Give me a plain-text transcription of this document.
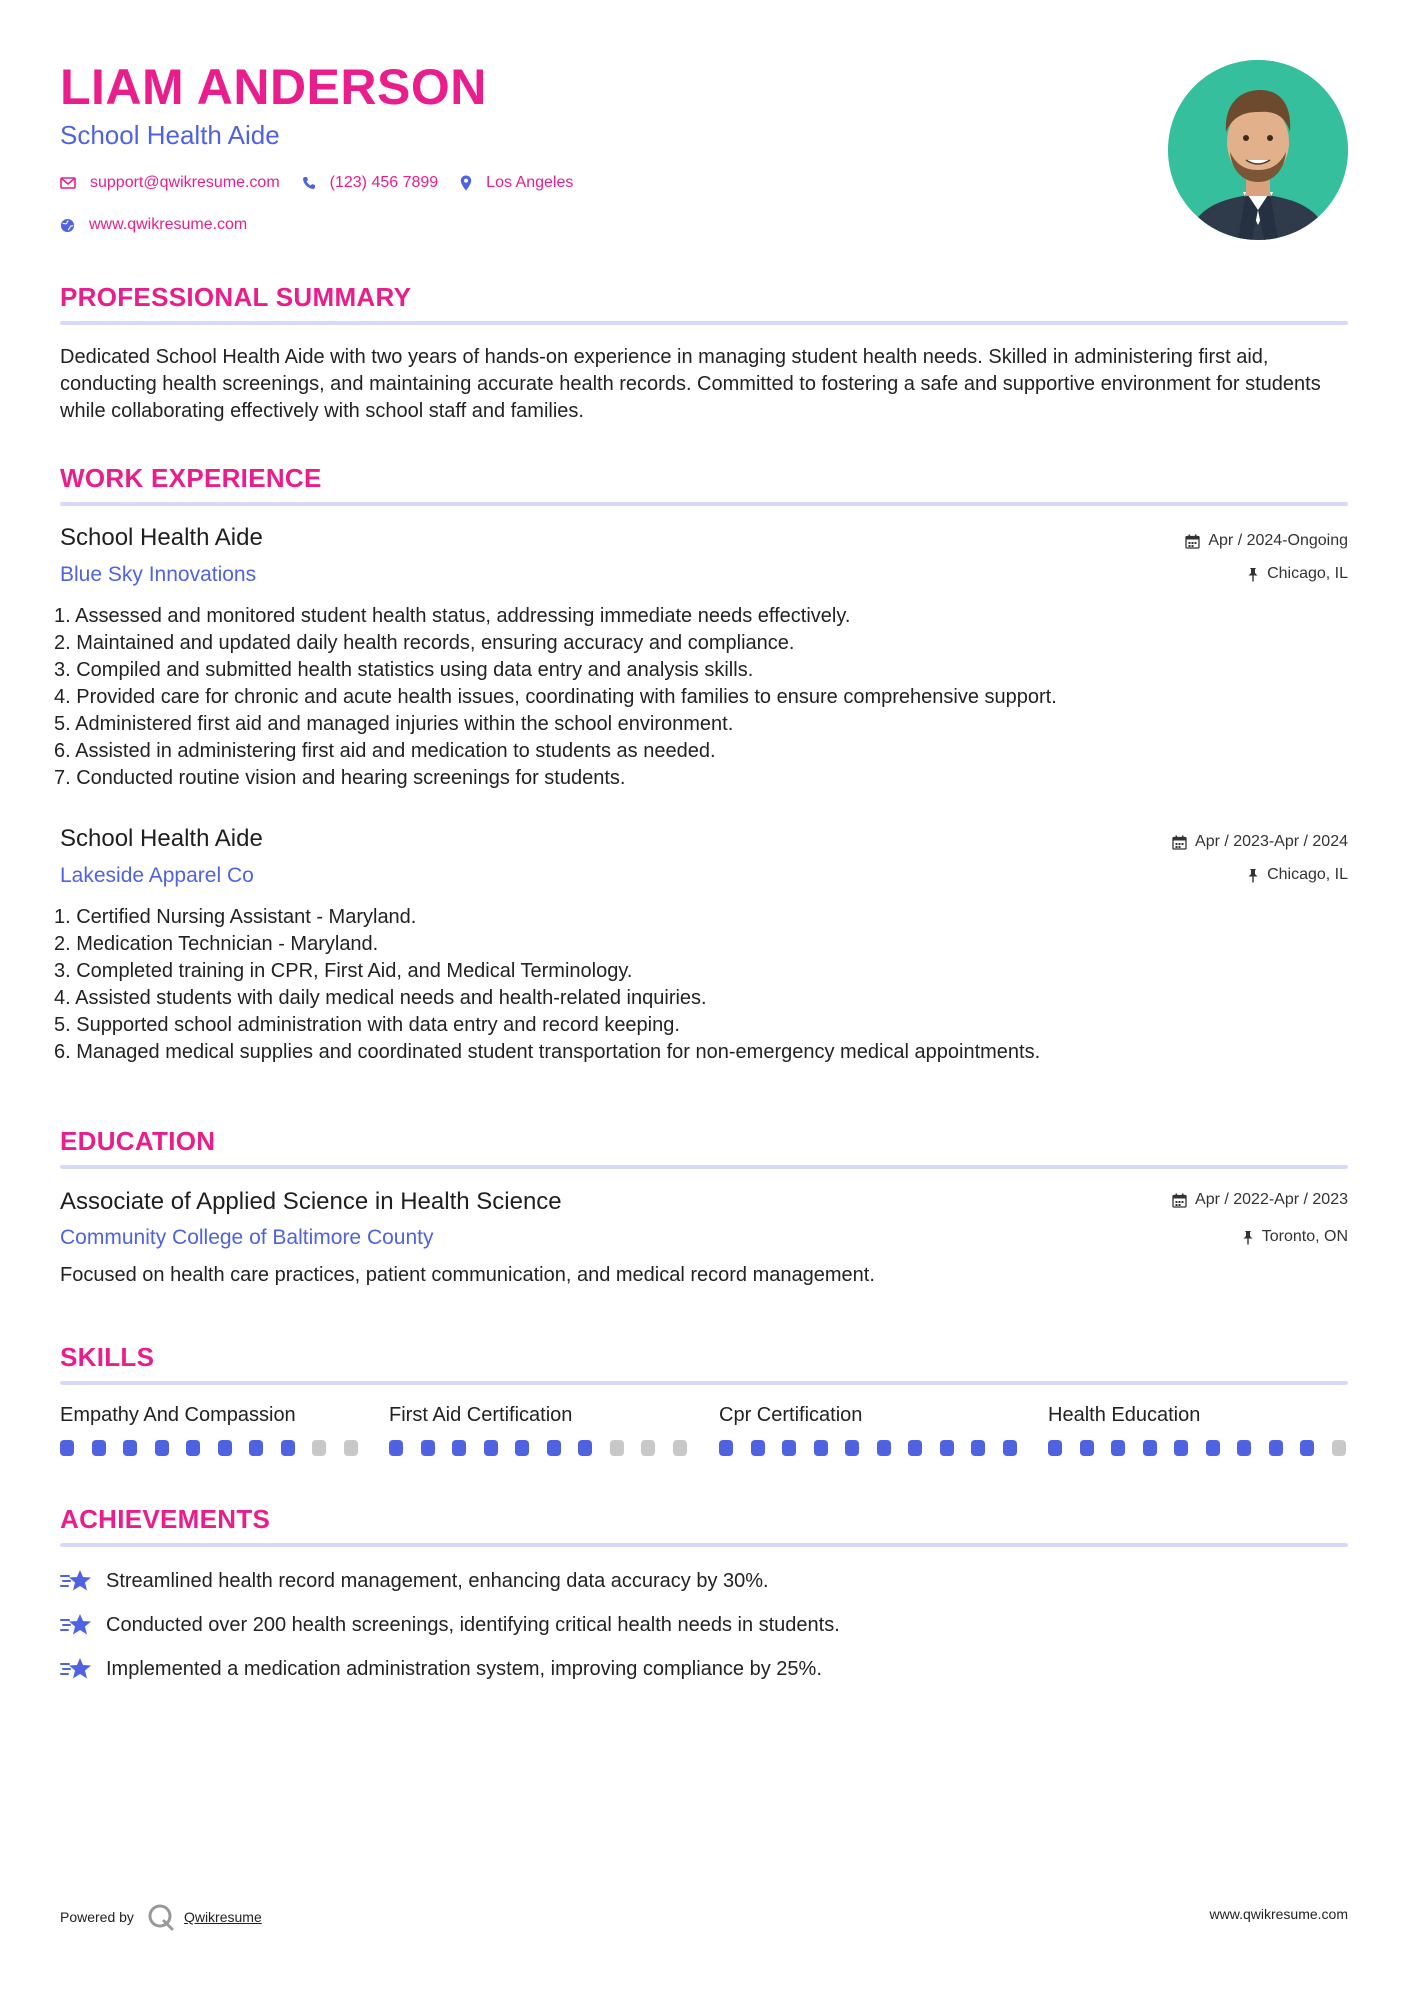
LIAM ANDERSON
School Health Aide
support@qwikresume.com	(123) 456 7899	Los Angeles
www.qwikresume.com
PROFESSIONAL SUMMARY
Dedicated School Health Aide with two years of hands-on experience in managing student health needs. Skilled in administering first aid, conducting health screenings, and maintaining accurate health records. Committed to fostering a safe and supportive environment for students while collaborating effectively with school staff and families.
WORK EXPERIENCE
School Health Aide
Blue Sky Innovations
Apr / 2024-Ongoing
Chicago, IL
1. Assessed and monitored student health status, addressing immediate needs effectively.
2. Maintained and updated daily health records, ensuring accuracy and compliance.
3. Compiled and submitted health statistics using data entry and analysis skills.
4. Provided care for chronic and acute health issues, coordinating with families to ensure comprehensive support.
5. Administered first aid and managed injuries within the school environment.
6. Assisted in administering first aid and medication to students as needed.
7. Conducted routine vision and hearing screenings for students.
School Health Aide
Lakeside Apparel Co
Apr / 2023-Apr / 2024
Chicago, IL
1. Certified Nursing Assistant - Maryland.
2. Medication Technician - Maryland.
3. Completed training in CPR, First Aid, and Medical Terminology.
4. Assisted students with daily medical needs and health-related inquiries.
5. Supported school administration with data entry and record keeping.
6. Managed medical supplies and coordinated student transportation for non-emergency medical appointments.
EDUCATION
Associate of Applied Science in Health Science
Community College of Baltimore County
Apr / 2022-Apr / 2023
Toronto, ON
Focused on health care practices, patient communication, and medical record management.
SKILLS
Empathy And Compassion	First Aid Certification	Cpr Certification	Health Education
ACHIEVEMENTS
Streamlined health record management, enhancing data accuracy by 30%.
Conducted over 200 health screenings, identifying critical health needs in students.
Implemented a medication administration system, improving compliance by 25%.
Powered by	Qwikresume	www.qwikresume.com
